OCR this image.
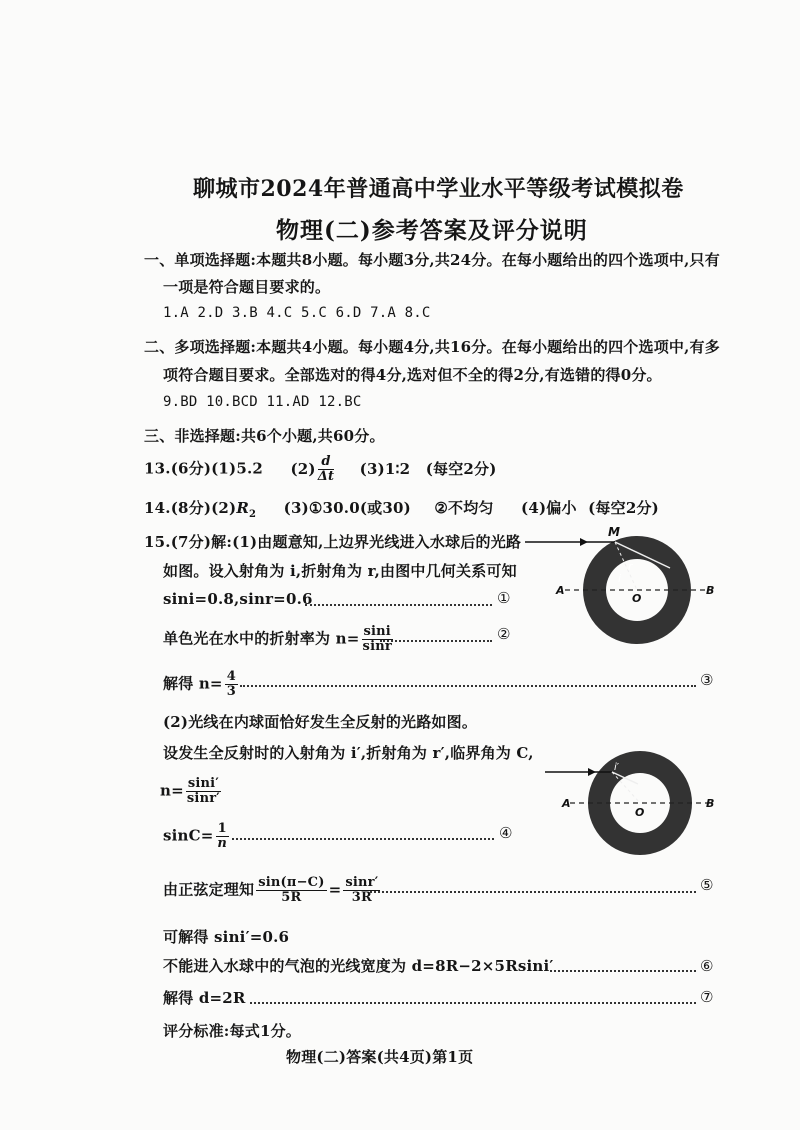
聊城市2024年普通高中学业水平等级考试模拟卷
物理(二)参考答案及评分说明
一、单项选择题:本题共8小题。每小题3分,共24分。在每小题给出的四个选项中,只有
一项是符合题目要求的。
1.A 2.D 3.B 4.C 5.C 6.D 7.A 8.C
二、多项选择题:本题共4小题。每小题4分,共16分。在每小题给出的四个选项中,有多
项符合题目要求。全部选对的得4分,选对但不全的得2分,有选错的得0分。
9.BD 10.BCD 11.AD 12.BC
三、非选择题:共6个小题,共60分。
13.(6分)(1)5.2 $(2) \frac{d}{\Delta t}$ (3)1∶2 (每空2分)
14.(8分)$(2)R_2$ (3)①30.0(或30) ②不均匀 (4)偏小 (每空2分)
15.(7分)解:(1)由题意知,上边界光线进入水球后的光路
如图。设入射角为 i,折射角为 r,由图中几何关系可知
sini=0.8,sinr=0.6	①
单色光在水中的折射率为 $n= \frac{\sin i}{\sin r}$	②
解得 $n= \frac{4}{3}$	③
(2)光线在内球面恰好发生全反射的光路如图。
设发生全反射时的入射角为 i′,折射角为 r′,临界角为 C,
$n= \frac{\sin i'}{\sin r'}$
$\sin C= \frac{1}{n}$	④
由正弦定理知 $\frac{\sin(\pi-C)}{5R} = \frac{\sin r'}{3R}$	⑤
可解得 sini′=0.6
不能进入水球中的气泡的光线宽度为 d=8R−2×5Rsini′	⑥
解得 d=2R	⑦
评分标准:每式1分。
物理(二)答案(共4页)第1页
M
A	B
O
i
r
A	B
O
i′
